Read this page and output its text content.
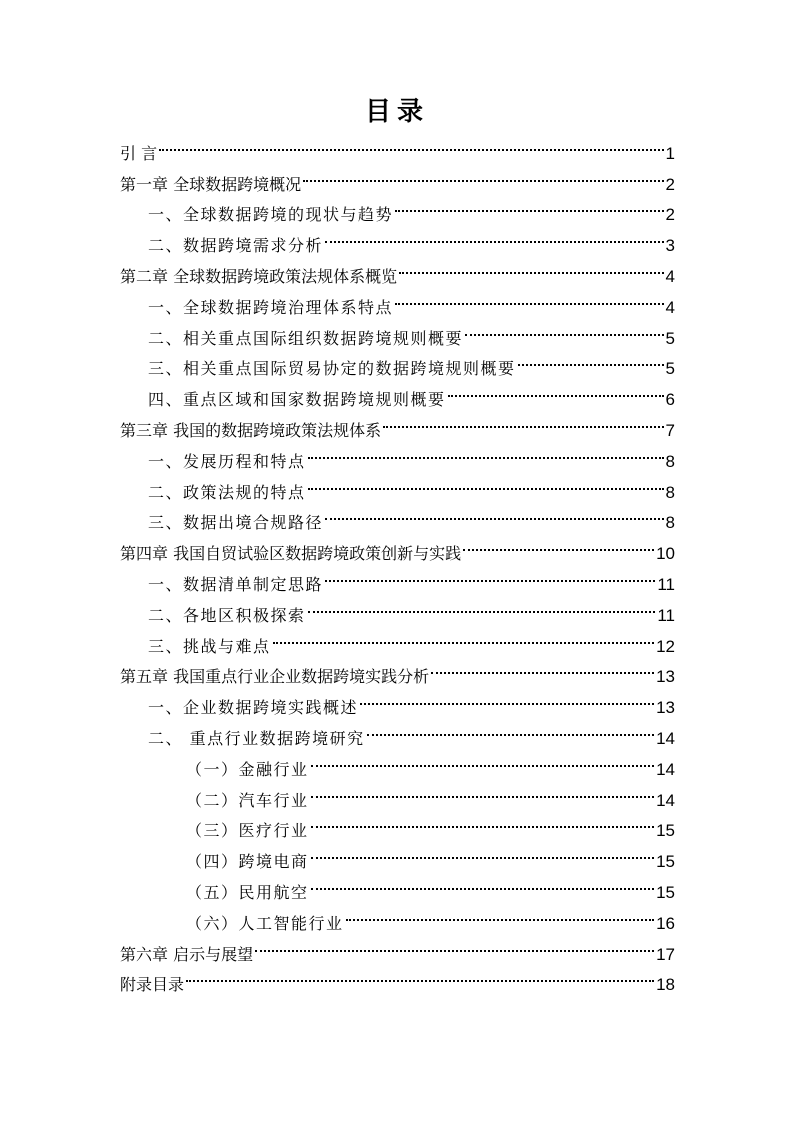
目录
引 言	1
第一章 全球数据跨境概况	2
一、全球数据跨境的现状与趋势	2
二、数据跨境需求分析	3
第二章 全球数据跨境政策法规体系概览	4
一、全球数据跨境治理体系特点	4
二、相关重点国际组织数据跨境规则概要	5
三、相关重点国际贸易协定的数据跨境规则概要	5
四、重点区域和国家数据跨境规则概要	6
第三章 我国的数据跨境政策法规体系	7
一、发展历程和特点	8
二、政策法规的特点	8
三、数据出境合规路径	8
第四章 我国自贸试验区数据跨境政策创新与实践	10
一、数据清单制定思路	11
二、各地区积极探索	11
三、挑战与难点	12
第五章 我国重点行业企业数据跨境实践分析	13
一、企业数据跨境实践概述	13
二、 重点行业数据跨境研究	14
（一）金融行业	14
（二）汽车行业	14
（三）医疗行业	15
（四）跨境电商	15
（五）民用航空	15
（六）人工智能行业	16
第六章 启示与展望	17
附录目录	18
